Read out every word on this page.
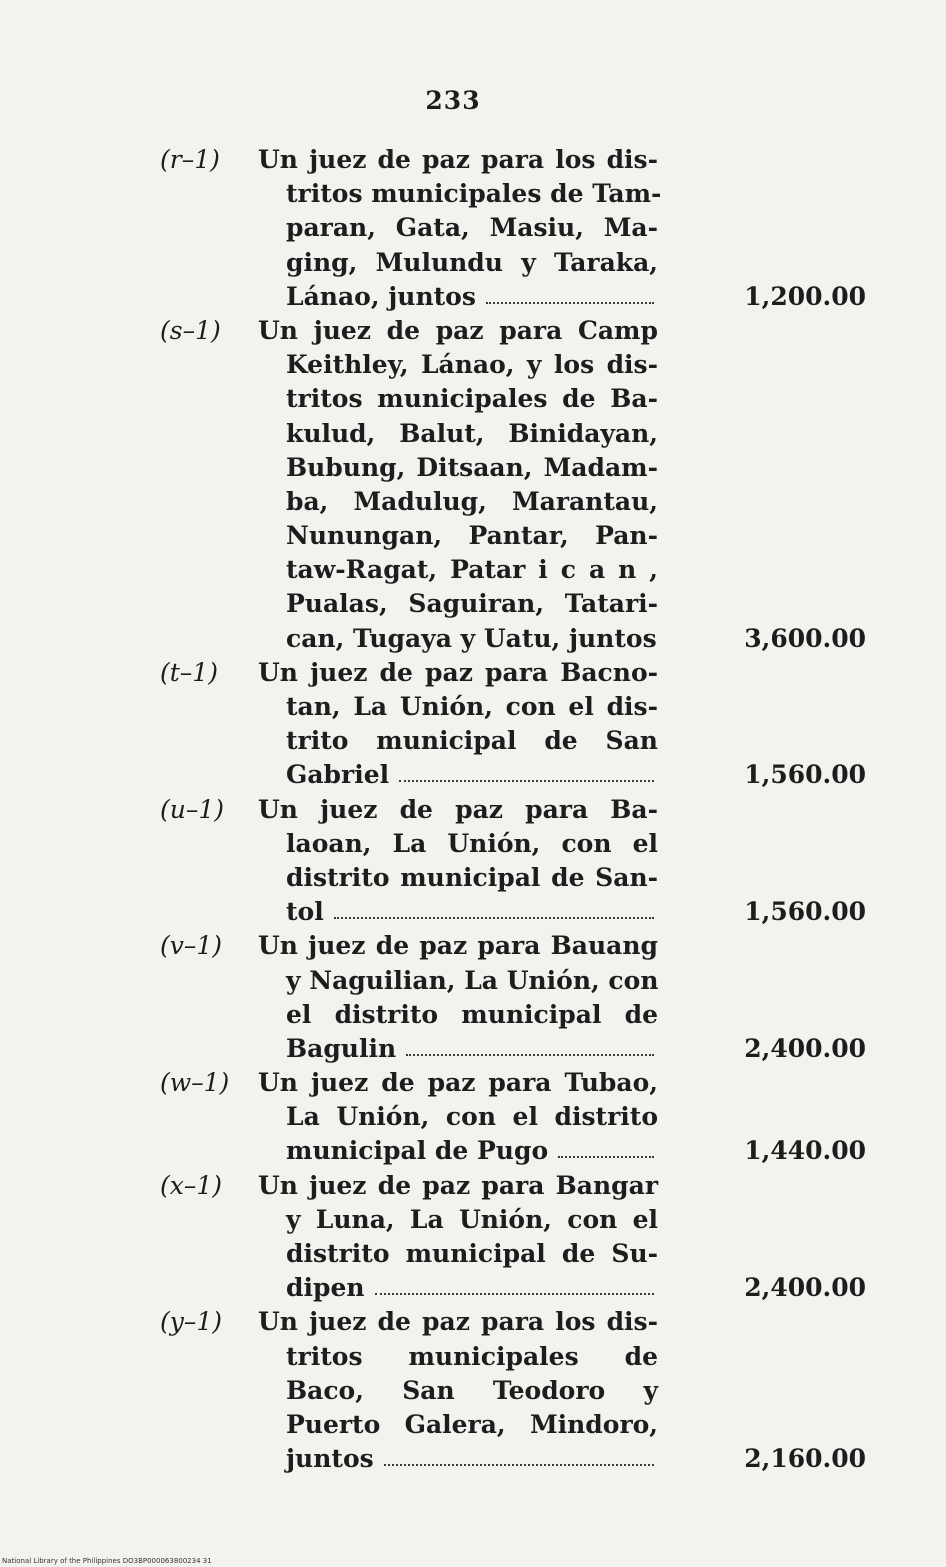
233
(r–1) Un juez de paz para los dis-
tritos municipales de Tam-
paran, Gata, Masiu, Ma-
ging, Mulundu y Taraka,
Lánao, juntos	1,200.00
(s–1) Un juez de paz para Camp
Keithley, Lánao, y los dis-
tritos municipales de Ba-
kulud, Balut, Binidayan,
Bubung, Ditsaan, Madam-
ba, Madulug, Marantau,
Nunungan, Pantar, Pan-
taw-Ragat, Patar i c a n ,
Pualas, Saguiran, Tatari-
can, Tugaya y Uatu, juntos	3,600.00
(t–1) Un juez de paz para Bacno-
tan, La Unión, con el dis-
trito municipal de San
Gabriel	1,560.00
(u–1) Un juez de paz para Ba-
laoan, La Unión, con el
distrito municipal de San-
tol	1,560.00
(v–1) Un juez de paz para Bauang
y Naguilian, La Unión, con
el distrito municipal de
Bagulin	2,400.00
(w–1) Un juez de paz para Tubao,
La Unión, con el distrito
municipal de Pugo	1,440.00
(x–1) Un juez de paz para Bangar
y Luna, La Unión, con el
distrito municipal de Su-
dipen	2,400.00
(y–1) Un juez de paz para los dis-
tritos municipales de
Baco, San Teodoro y
Puerto Galera, Mindoro,
juntos	2,160.00
National Library of the Philippines DO3BP000063800234 31
